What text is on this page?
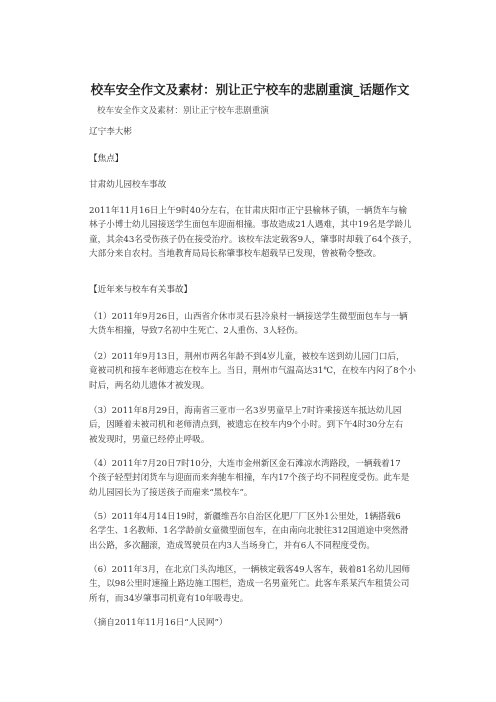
校车安全作文及素材：别让正宁校车的悲剧重演_话题作文
校车安全作文及素材：别让正宁校车悲剧重演
辽宁李大彬
【焦点】
甘肃幼儿园校车事故
2011年11月16日上午9时40分左右，在甘肃庆阳市正宁县榆林子镇，一辆货车与榆
林子小博士幼儿园接送学生面包车迎面相撞。事故造成21人遇难，其中19名是学龄儿
童，其余43名受伤孩子仍在接受治疗。该校车法定载客9人，肇事时却载了64个孩子，
大部分来自农村。当地教育局局长称肇事校车超载早已发现，曾被勒令整改。
【近年来与校车有关事故】
（1）2011年9月26日，山西省介休市灵石县冷泉村一辆接送学生微型面包车与一辆
大货车相撞，导致7名初中生死亡、2人重伤、3人轻伤。
（2）2011年9月13日，荆州市两名年龄不到4岁儿童，被校车送到幼儿园门口后，
竟被司机和接车老师遗忘在校车上。当日，荆州市气温高达31℃，在校车内闷了8个小
时后，两名幼儿遗体才被发现。
（3）2011年8月29日，海南省三亚市一名3岁男童早上7时许乘接送车抵达幼儿园
后，因睡着未被司机和老师清点到，被遗忘在校车内9个小时。到下午4时30分左右
被发现时，男童已经停止呼吸。
（4）2011年7月20日7时10分，大连市金州新区金石滩凉水湾路段，一辆载着17
个孩子轻型封闭货车与迎面而来奔驰车相撞，车内17个孩子均不同程度受伤。此车是
幼儿园园长为了接送孩子而雇来“黑校车”。
（5）2011年4月14日19时，新疆维吾尔自治区化肥厂厂区外1公里处，1辆搭载6
名学生、1名教师、1名学龄前女童微型面包车，在由南向北驶往312国道途中突然滑
出公路，多次翻滚，造成驾驶员在内3人当场身亡，并有6人不同程度受伤。
（6）2011年3月，在北京门头沟地区，一辆核定载客49人客车，载着81名幼儿园师
生，以98公里时速撞上路边施工围栏，造成一名男童死亡。此客车系某汽车租赁公司
所有，而34岁肇事司机竟有10年吸毒史。
（摘自2011年11月16日“人民网”）
